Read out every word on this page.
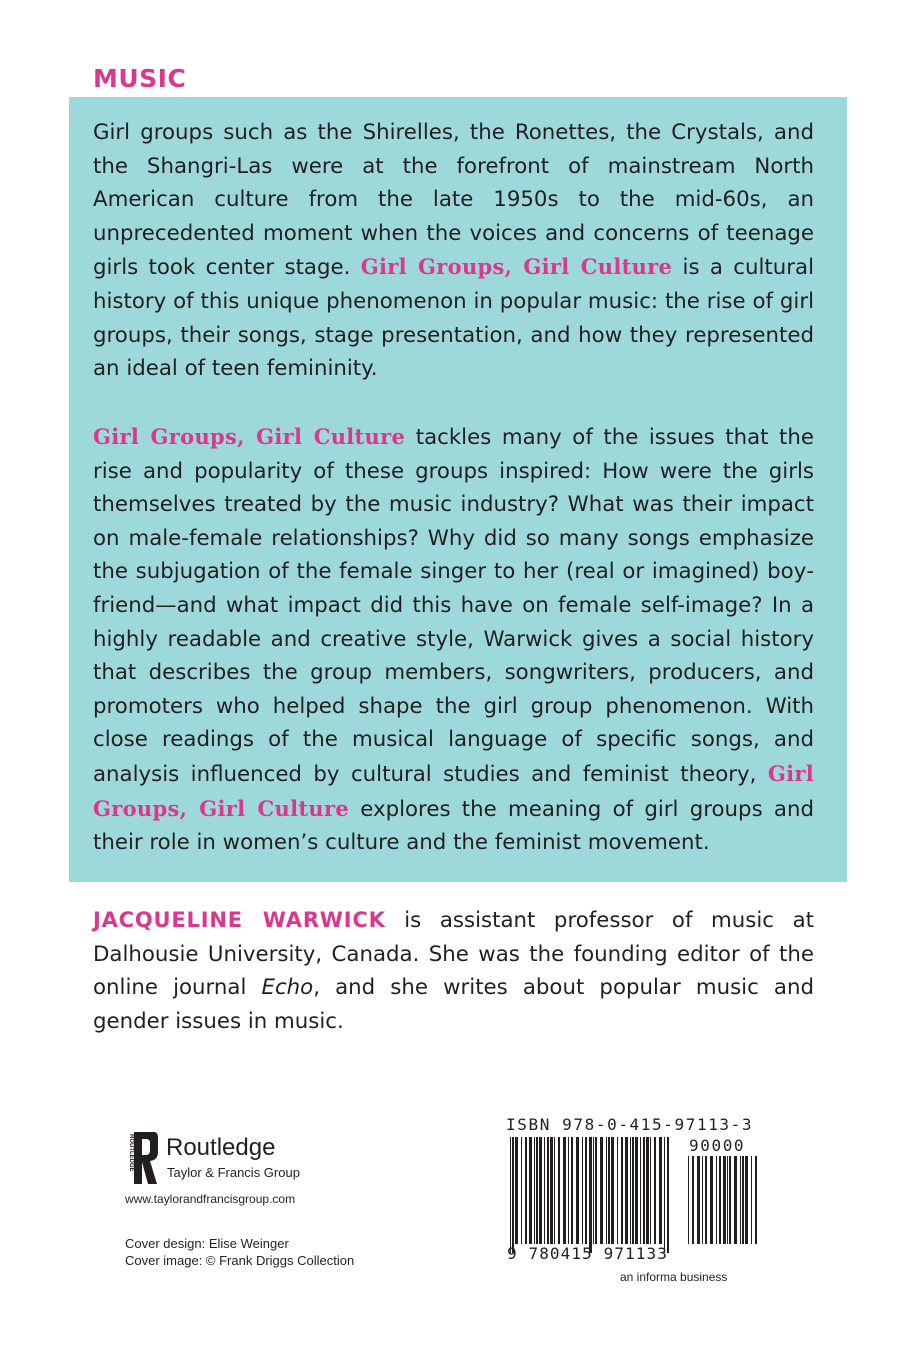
MUSIC

Girl groups such as the Shirelles, the Ronettes, the Crystals, and the Shangri-Las were at the forefront of mainstream North American culture from the late 1950s to the mid-60s, an unprecedented moment when the voices and concerns of teenage girls took center stage. Girl Groups, Girl Culture is a cultural history of this unique phenomenon in popular music: the rise of girl groups, their songs, stage presentation, and how they represented an ideal of teen femininity.

Girl Groups, Girl Culture tackles many of the issues that the rise and popularity of these groups inspired: How were the girls themselves treated by the music industry? What was their impact on male-female relationships? Why did so many songs emphasize the subjugation of the female singer to her (real or imagined) boyfriend—and what impact did this have on female self-image? In a highly readable and creative style, Warwick gives a social history that describes the group members, songwriters, producers, and promoters who helped shape the girl group phenomenon. With close readings of the musical language of specific songs, and analysis influenced by cultural studies and feminist theory, Girl Groups, Girl Culture explores the meaning of girl groups and their role in women’s culture and the feminist movement.

JACQUELINE WARWICK is assistant professor of music at Dalhousie University, Canada. She was the founding editor of the online journal Echo, and she writes about popular music and gender issues in music.

ROUTLEDGE Routledge
Taylor & Francis Group
www.taylorandfrancisgroup.com
Cover design: Elise Weinger
Cover image: © Frank Driggs Collection
ISBN 978-0-415-97113-3
90000
9 780415 971133
an informa business
